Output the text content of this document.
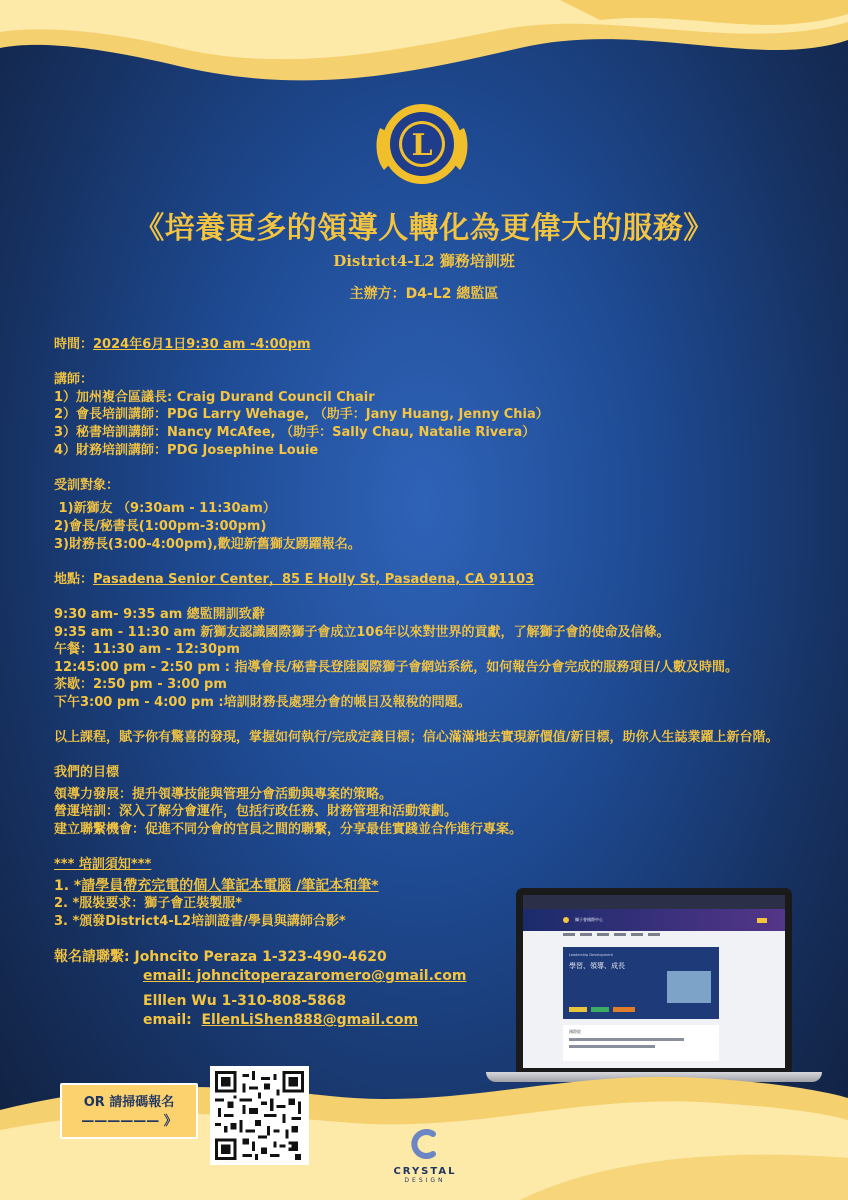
L
《培養更多的領導人轉化為更偉大的服務》
District4-L2 獅務培訓班
主辦方：D4-L2 總監區
時間：2024年6月1日9:30 am -4:00pm
講師：
1）加州複合區議長: Craig Durand Council Chair
2）會長培訓講師：PDG Larry Wehage, （助手：Jany Huang, Jenny Chia）
3）秘書培訓講師：Nancy McAfee, （助手：Sally Chau, Natalie Rivera）
4）財務培訓講師：PDG Josephine Louie
受訓對象：
1)新獅友 （9:30am - 11:30am）
2)會長/秘書長(1:00pm-3:00pm)
3)財務長(3:00-4:00pm),歡迎新舊獅友踴躍報名。
地點：Pasadena Senior Center，85 E Holly St, Pasadena, CA 91103
9:30 am- 9:35 am 總監開訓致辭
9:35 am - 11:30 am 新獅友認識國際獅子會成立106年以來對世界的貢獻，了解獅子會的使命及信條。
午餐：11:30 am - 12:30pm
12:45:00 pm - 2:50 pm : 指導會長/秘書長登陸國際獅子會網站系統，如何報告分會完成的服務項目/人數及時間。
茶歇：2:50 pm - 3:00 pm
下午3:00 pm - 4:00 pm :培訓財務長處理分會的帳目及報稅的問題。
以上課程，賦予你有驚喜的發現，掌握如何執行/完成定義目標；信心滿滿地去實現新價值/新目標，助你人生誌業躍上新台階。
我們的目標
領導力發展：提升領導技能與管理分會活動與專案的策略。
營運培訓：深入了解分會運作，包括行政任務、財務管理和活動策劃。
建立聯繫機會：促進不同分會的官員之間的聯繫，分享最佳實踐並合作進行專案。
*** 培訓須知***
1. *請學員帶充完電的個人筆記本電腦 /筆記本和筆*
2. *服裝要求：獅子會正裝製服*
3. *頒發District4-L2培訓證書/學員與講師合影*
報名請聯繫: Johncito Peraza 1-323-490-4620
email: johncitoperazaromero@gmail.com
Elllen Wu 1-310-808-5868
email:  EllenLiShen888@gmail.com
獅子會國際中心
Leadership Development
學習、領導、成長
國際院
OR 請掃碼報名
—————— 》
CRYSTAL
DESIGN
